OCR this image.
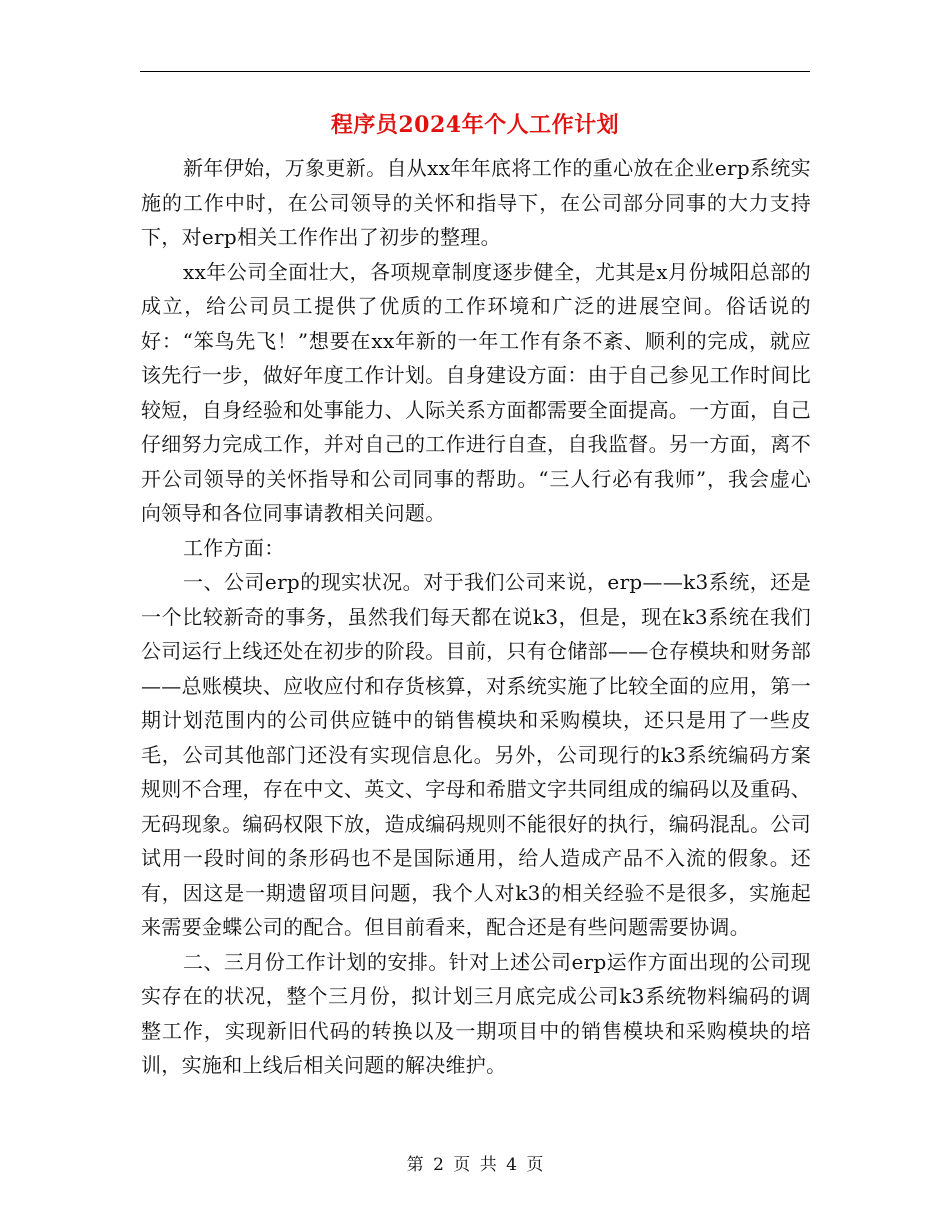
程序员2024年个人工作计划

新年伊始，万象更新。自从xx年年底将工作的重心放在企业erp系统实施的工作中时，在公司领导的关怀和指导下，在公司部分同事的大力支持下，对erp相关工作作出了初步的整理。

xx年公司全面壮大，各项规章制度逐步健全，尤其是x月份城阳总部的成立，给公司员工提供了优质的工作环境和广泛的进展空间。俗话说的好：“笨鸟先飞！”想要在xx年新的一年工作有条不紊、顺利的完成，就应该先行一步，做好年度工作计划。自身建设方面：由于自己参见工作时间比较短，自身经验和处事能力、人际关系方面都需要全面提高。一方面，自己仔细努力完成工作，并对自己的工作进行自查，自我监督。另一方面，离不开公司领导的关怀指导和公司同事的帮助。“三人行必有我师”，我会虚心向领导和各位同事请教相关问题。

工作方面：

一、公司erp的现实状况。对于我们公司来说，erp——k3系统，还是一个比较新奇的事务，虽然我们每天都在说k3，但是，现在k3系统在我们公司运行上线还处在初步的阶段。目前，只有仓储部——仓存模块和财务部——总账模块、应收应付和存货核算，对系统实施了比较全面的应用，第一期计划范围内的公司供应链中的销售模块和采购模块，还只是用了一些皮毛，公司其他部门还没有实现信息化。另外，公司现行的k3系统编码方案规则不合理，存在中文、英文、字母和希腊文字共同组成的编码以及重码、无码现象。编码权限下放，造成编码规则不能很好的执行，编码混乱。公司试用一段时间的条形码也不是国际通用，给人造成产品不入流的假象。还有，因这是一期遗留项目问题，我个人对k3的相关经验不是很多，实施起来需要金蝶公司的配合。但目前看来，配合还是有些问题需要协调。

二、三月份工作计划的安排。针对上述公司erp运作方面出现的公司现实存在的状况，整个三月份，拟计划三月底完成公司k3系统物料编码的调整工作，实现新旧代码的转换以及一期项目中的销售模块和采购模块的培训，实施和上线后相关问题的解决维护。

第 2 页 共 4 页
